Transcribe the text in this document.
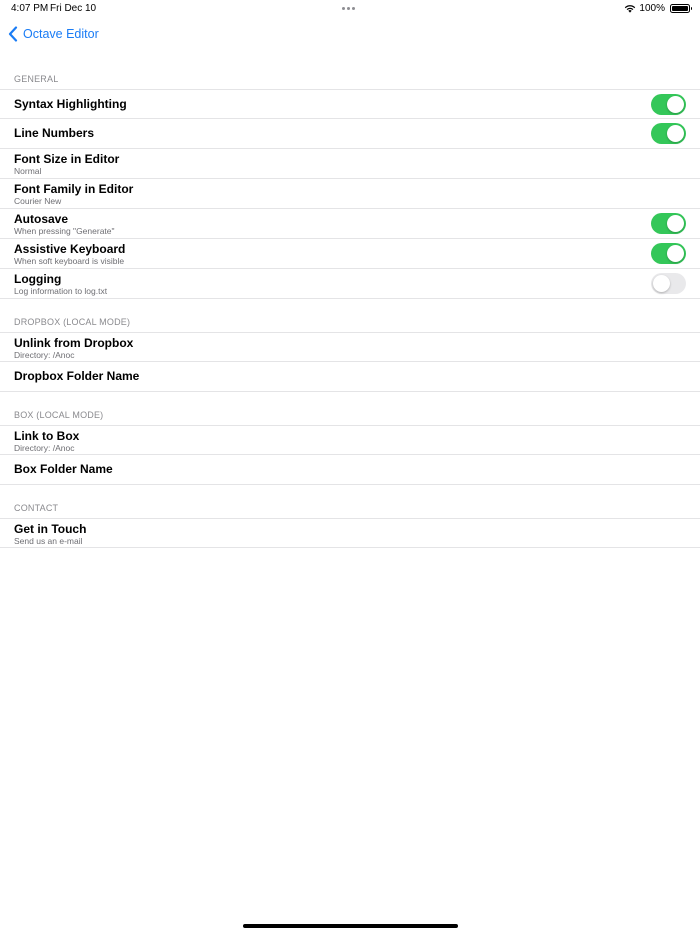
4:07 PM Fri Dec 10	100%
Octave Editor
GENERAL
Syntax Highlighting
Line Numbers
Font Size in Editor
Normal
Font Family in Editor
Courier New
Autosave
When pressing "Generate"
Assistive Keyboard
When soft keyboard is visible
Logging
Log information to log.txt
DROPBOX (LOCAL MODE)
Unlink from Dropbox
Directory: /Anoc
Dropbox Folder Name
BOX (LOCAL MODE)
Link to Box
Directory: /Anoc
Box Folder Name
CONTACT
Get in Touch
Send us an e-mail
